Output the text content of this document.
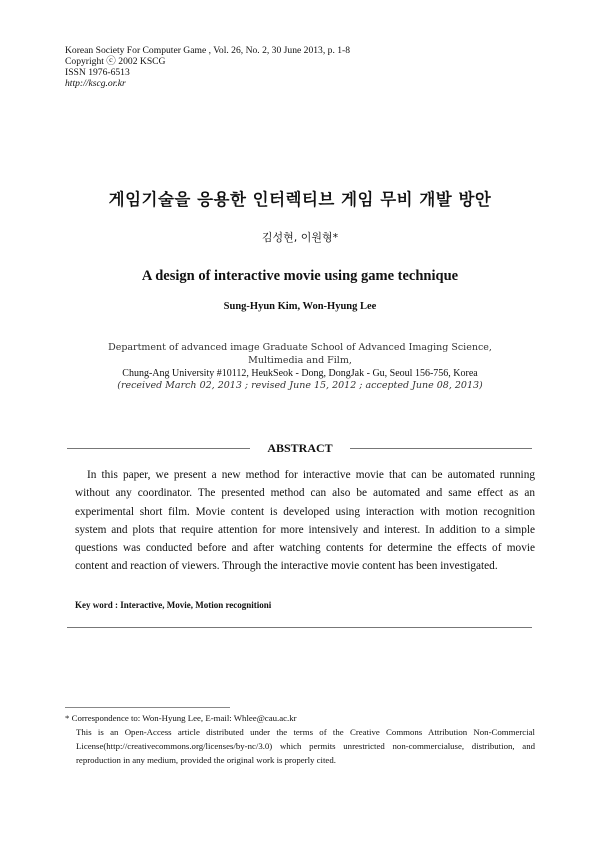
Korean Society For Computer Game , Vol. 26, No. 2, 30 June 2013, p. 1-8
Copyright ⓒ 2002 KSCG
ISSN 1976-6513
http://kscg.or.kr
게임기술을 응용한 인터렉티브 게임 무비 개발 방안
김성현, 이원형*
A design of interactive movie using game technique
Sung-Hyun Kim, Won-Hyung Lee
Department of advanced image Graduate School of Advanced Imaging Science,
Multimedia and Film,
Chung-Ang University #10112, HeukSeok - Dong, DongJak - Gu, Seoul 156-756, Korea
(received March 02, 2013 ; revised June 15, 2012 ; accepted June 08, 2013)
ABSTRACT
In this paper, we present a new method for interactive movie that can be automated running without any coordinator. The presented method can also be automated and same effect as an experimental short film. Movie content is developed using interaction with motion recognition system and plots that require attention for more intensively and interest. In addition to a simple questions was conducted before and after watching contents for determine the effects of movie content and reaction of viewers. Through the interactive movie content has been investigated.
Key word : Interactive, Movie, Motion recognitioni
* Correspondence to: Won-Hyung Lee, E-mail: Whlee@cau.ac.kr
This is an Open-Access article distributed under the terms of the Creative Commons Attribution Non-Commercial License(http://creativecommons.org/licenses/by-nc/3.0) which permits unrestricted non-commercialuse, distribution, and reproduction in any medium, provided the original work is properly cited.
